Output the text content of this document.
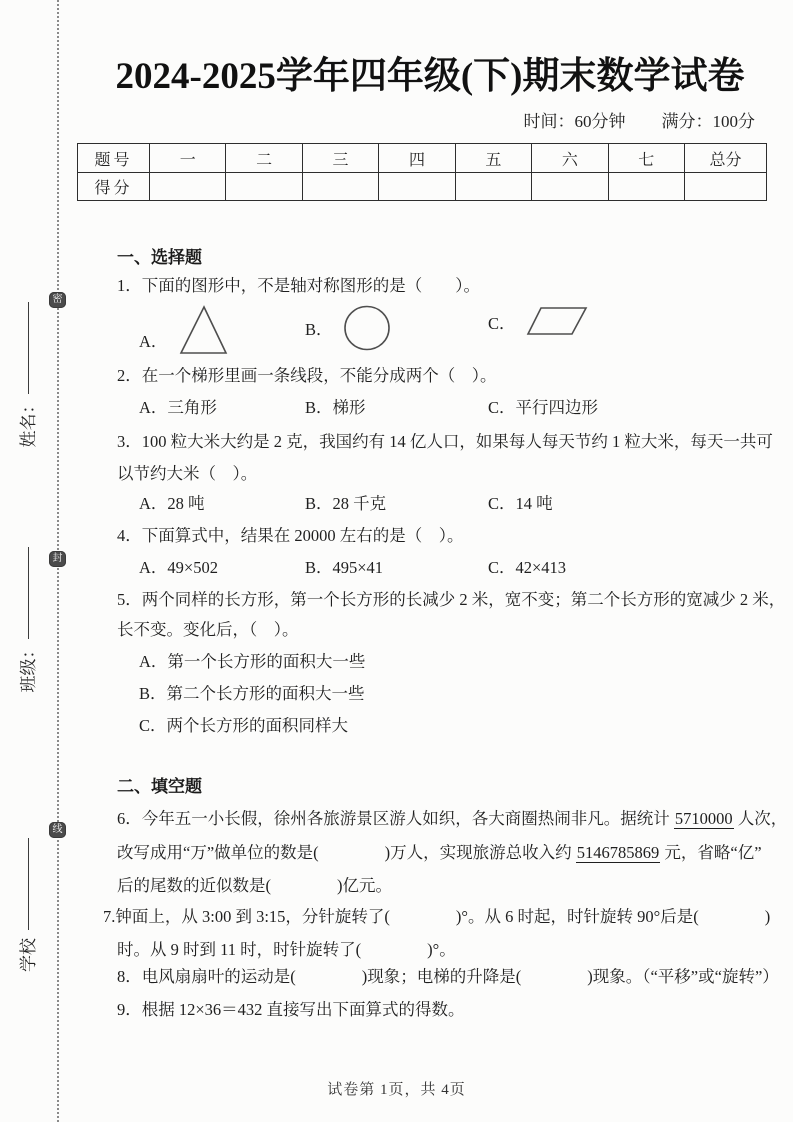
密
封
线
姓名：
班级：
学校
2024-2025学年四年级(下)期末数学试卷
时间：60分钟 满分：100分
题号	一	二	三	四	五	六	七	总分
得分								
一、选择题
1．下面的图形中，不是轴对称图形的是（　　）。
A．
B．	C．
2．在一个梯形里画一条线段，不能分成两个（　）。
A．三角形	B．梯形	C．平行四边形
3．100 粒大米大约是 2 克，我国约有 14 亿人口，如果每人每天节约 1 粒大米，每天一共可
以节约大米（　）。
A．28 吨	B．28 千克	C．14 吨
4．下面算式中，结果在 20000 左右的是（　）。
A．49×502	B．495×41	C．42×413
5．两个同样的长方形，第一个长方形的长减少 2 米，宽不变；第二个长方形的宽减少 2 米，
长不变。变化后，（　）。
A．第一个长方形的面积大一些
B．第二个长方形的面积大一些
C．两个长方形的面积同样大
二、填空题
6．今年五一小长假，徐州各旅游景区游人如织，各大商圈热闹非凡。据统计 5710000 人次，
改写成用“万”做单位的数是(　　　　)万人，实现旅游总收入约 5146785869 元，省略“亿”
后的尾数的近似数是(　　　　)亿元。
7.钟面上，从 3:00 到 3:15，分针旋转了(　　　　)°。从 6 时起，时针旋转 90°后是(　　　　)
时。从 9 时到 11 时，时针旋转了(　　　　)°。
8．电风扇扇叶的运动是(　　　　)现象；电梯的升降是(　　　　)现象。（“平移”或“旋转”）
9．根据 12×36＝432 直接写出下面算式的得数。
试卷第 1页，共 4页
